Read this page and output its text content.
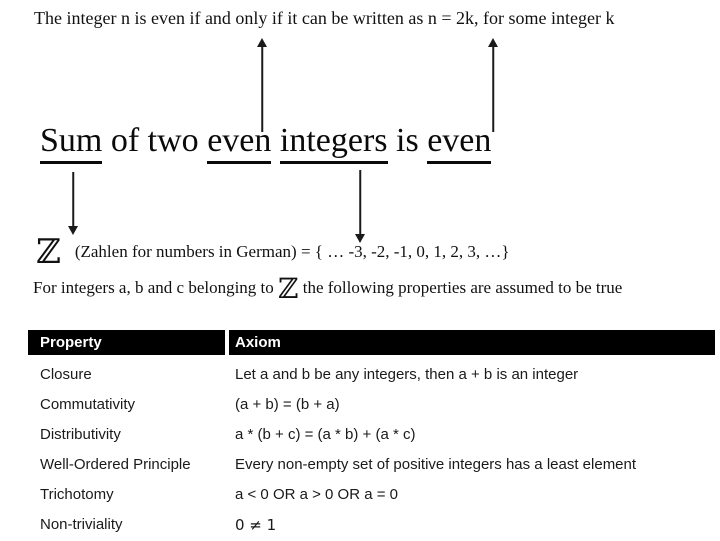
The integer n is even if and only if it can be written as n = 2k, for some integer k
Sum of two even integers is even
ℤ (Zahlen for numbers in German) = { … -3, -2, -1, 0, 1, 2, 3, …}
For integers a, b and c belonging to ℤ the following properties are assumed to be true
Property	Axiom
Closure	Let a and b be any integers, then a + b is an integer
Commutativity	(a + b) = (b + a)
Distributivity	a * (b + c) = (a * b) + (a * c)
Well-Ordered Principle	Every non-empty set of positive integers has a least element
Trichotomy	a < 0 OR a > 0 OR a = 0
Non-triviality	0 ≠ 1
